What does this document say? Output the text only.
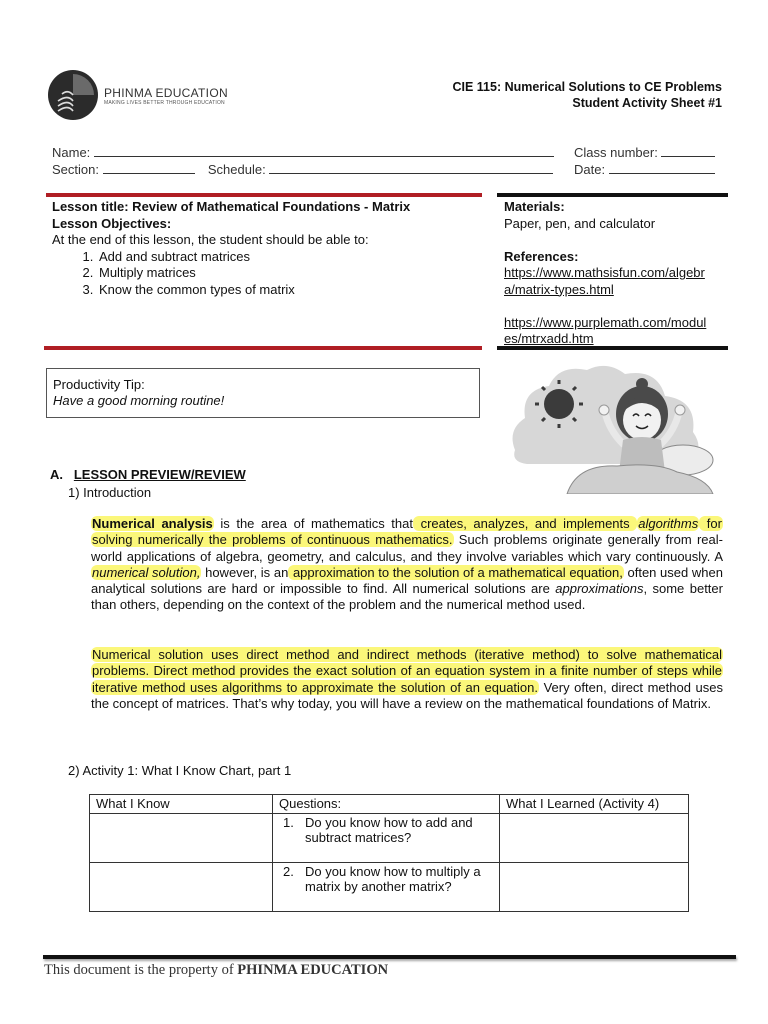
PHINMA EDUCATION
MAKING LIVES BETTER THROUGH EDUCATION
CIE 115: Numerical Solutions to CE Problems
Student Activity Sheet #1
Name:	Class number:
Section:	Schedule:	Date:
Lesson title: Review of Mathematical Foundations - Matrix
Lesson Objectives:
At the end of this lesson, the student should be able to:
1. Add and subtract matrices
2. Multiply matrices
3. Know the common types of matrix
Materials:
Paper, pen, and calculator
References:
https://www.mathsisfun.com/algebr
a/matrix-types.html
https://www.purplemath.com/modul
es/mtrxadd.htm
Productivity Tip:
Have a good morning routine!
A. LESSON PREVIEW/REVIEW
1) Introduction
Numerical analysis is the area of mathematics that creates, analyzes, and implements algorithms for solving numerically the problems of continuous mathematics. Such problems originate generally from real-world applications of algebra, geometry, and calculus, and they involve variables which vary continuously. A numerical solution, however, is an approximation to the solution of a mathematical equation, often used when analytical solutions are hard or impossible to find. All numerical solutions are approximations, some better than others, depending on the context of the problem and the numerical method used.
Numerical solution uses direct method and indirect methods (iterative method) to solve mathematical problems. Direct method provides the exact solution of an equation system in a finite number of steps while iterative method uses algorithms to approximate the solution of an equation. Very often, direct method uses the concept of matrices. That’s why today, you will have a review on the mathematical foundations of Matrix.
2) Activity 1: What I Know Chart, part 1
What I Know	Questions:	What I Learned (Activity 4)
	1. Do you know how to add and subtract matrices?	
	2. Do you know how to multiply a matrix by another matrix?	
This document is the property of PHINMA EDUCATION
